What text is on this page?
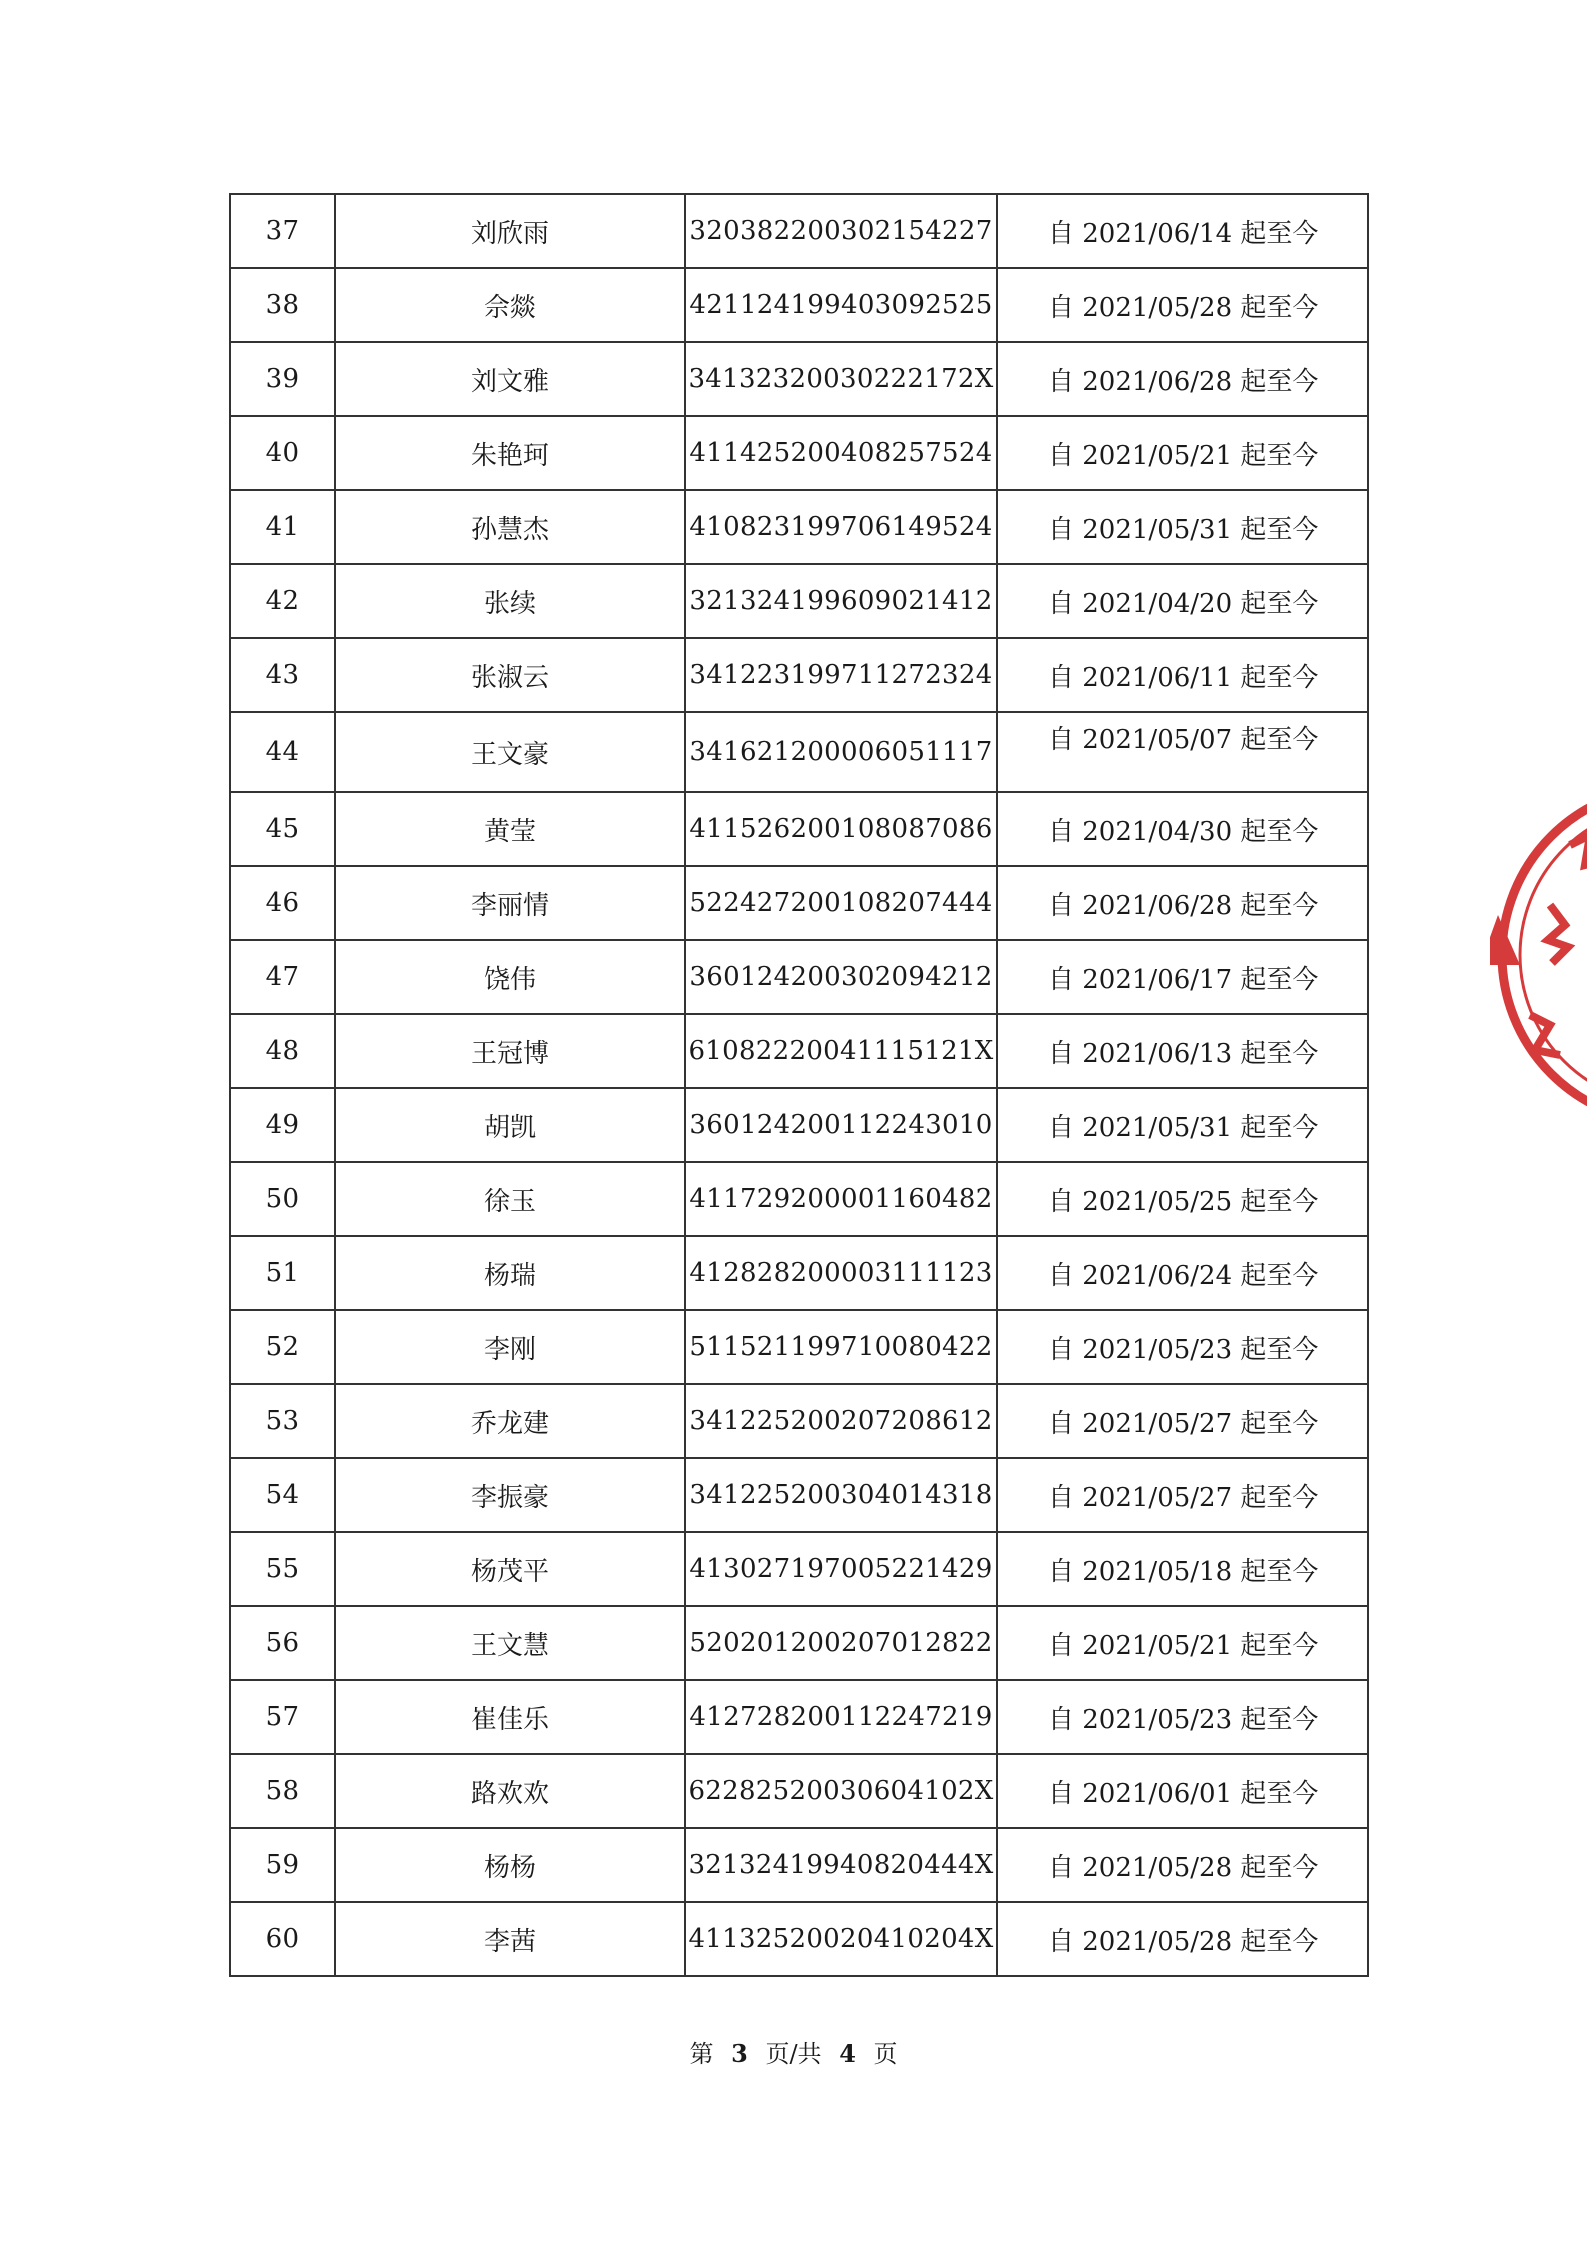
37	刘欣雨	320382200302154227	自 2021/06/14 起至今
38	佘燚	421124199403092525	自 2021/05/28 起至今
39	刘文雅	34132320030222172X	自 2021/06/28 起至今
40	朱艳珂	411425200408257524	自 2021/05/21 起至今
41	孙慧杰	410823199706149524	自 2021/05/31 起至今
42	张续	321324199609021412	自 2021/04/20 起至今
43	张淑云	341223199711272324	自 2021/06/11 起至今
44	王文豪	341621200006051117	自 2021/05/07 起至今
45	黄莹	411526200108087086	自 2021/04/30 起至今
46	李丽情	522427200108207444	自 2021/06/28 起至今
47	饶伟	360124200302094212	自 2021/06/17 起至今
48	王冠博	61082220041115121X	自 2021/06/13 起至今
49	胡凯	360124200112243010	自 2021/05/31 起至今
50	徐玉	411729200001160482	自 2021/05/25 起至今
51	杨瑞	412828200003111123	自 2021/06/24 起至今
52	李刚	511521199710080422	自 2021/05/23 起至今
53	乔龙建	341225200207208612	自 2021/05/27 起至今
54	李振豪	341225200304014318	自 2021/05/27 起至今
55	杨茂平	413027197005221429	自 2021/05/18 起至今
56	王文慧	520201200207012822	自 2021/05/21 起至今
57	崔佳乐	412728200112247219	自 2021/05/23 起至今
58	路欢欢	62282520030604102X	自 2021/06/01 起至今
59	杨杨	32132419940820444X	自 2021/05/28 起至今
60	李茜	41132520020410204X	自 2021/05/28 起至今
第 3 页/共 4 页
